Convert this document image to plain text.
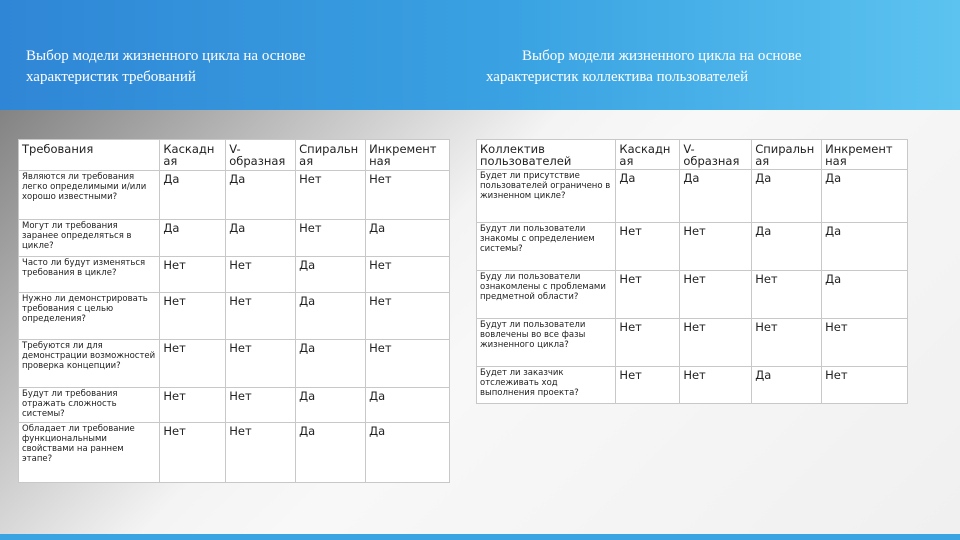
Выбор модели жизненного цикла на основе
характеристик требований
Выбор модели жизненного цикла на основе
характеристик коллектива пользователей
Требования	Каскадн ая	V-образная	Спиральн ая	Инкремент ная
Являются ли требования легко определимыми и/или хорошо известными?	Да	Да	Нет	Нет
Могут ли требования заранее определяться в цикле?	Да	Да	Нет	Да
Часто ли будут изменяться требования в цикле?	Нет	Нет	Да	Нет
Нужно ли демонстрировать требования с целью определения?	Нет	Нет	Да	Нет
Требуются ли для демонстрации возможностей проверка концепции?	Нет	Нет	Да	Нет
Будут ли требования отражать сложность системы?	Нет	Нет	Да	Да
Обладает ли требование функциональными свойствами на раннем этапе?	Нет	Нет	Да	Да
Коллектив пользователей	Каскадн ая	V-образная	Спиральн ая	Инкремент ная
Будет ли присутствие пользователей ограничено в жизненном цикле?	Да	Да	Да	Да
Будут ли пользователи знакомы с определением системы?	Нет	Нет	Да	Да
Буду ли пользователи ознакомлены с проблемами предметной области?	Нет	Нет	Нет	Да
Будут ли пользователи вовлечены во все фазы жизненного цикла?	Нет	Нет	Нет	Нет
Будет ли заказчик отслеживать ход выполнения проекта?	Нет	Нет	Да	Нет
